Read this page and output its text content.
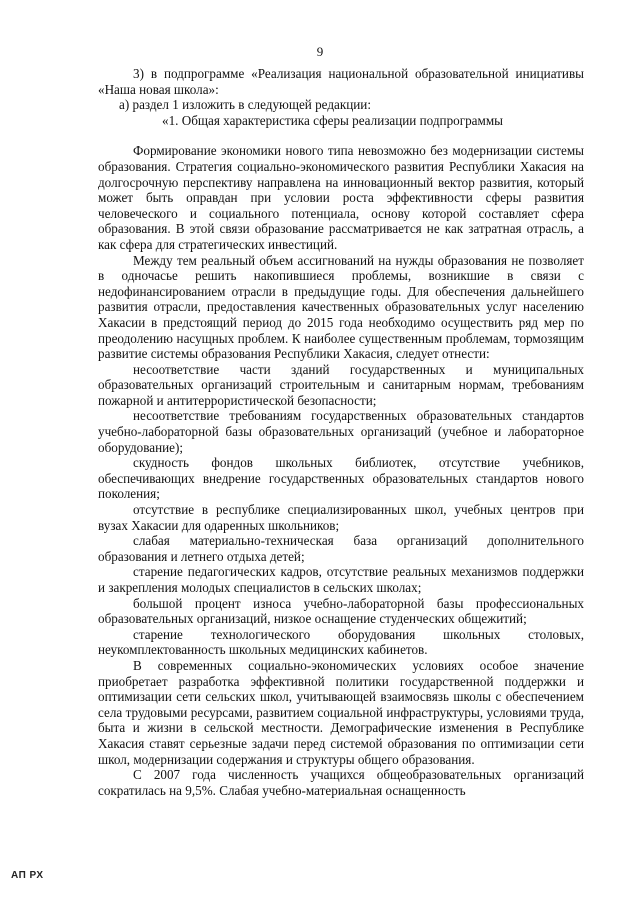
9

3) в подпрограмме «Реализация национальной образовательной инициативы «Наша новая школа»:

а) раздел 1 изложить в следующей редакции:

«1. Общая характеристика сферы реализации подпрограммы

Формирование экономики нового типа невозможно без модернизации системы образования. Стратегия социально-экономического развития Республики Хакасия на долгосрочную перспективу направлена на инновационный вектор развития, который может быть оправдан при условии роста эффективности сферы развития человеческого и социального потенциала, основу которой составляет сфера образования. В этой связи образование рассматривается не как затратная отрасль, а как сфера для стратегических инвестиций.

Между тем реальный объем ассигнований на нужды образования не позволяет в одночасье решить накопившиеся проблемы, возникшие в связи с недофинансированием отрасли в предыдущие годы. Для обеспечения дальнейшего развития отрасли, предоставления качественных образовательных услуг населению Хакасии в предстоящий период до 2015 года необходимо осуществить ряд мер по преодолению насущных проблем. К наиболее существенным проблемам, тормозящим развитие системы образования Республики Хакасия, следует отнести:

несоответствие части зданий государственных и муниципальных образовательных организаций строительным и санитарным нормам, требованиям пожарной и антитеррористической безопасности;

несоответствие требованиям государственных образовательных стандартов учебно-лабораторной базы образовательных организаций (учебное и лабораторное оборудование);

скудность фондов школьных библиотек, отсутствие учебников, обеспечивающих внедрение государственных образовательных стандартов нового поколения;

отсутствие в республике специализированных школ, учебных центров при вузах Хакасии для одаренных школьников;

слабая материально-техническая база организаций дополнительного образования и летнего отдыха детей;

старение педагогических кадров, отсутствие реальных механизмов поддержки и закрепления молодых специалистов в сельских школах;

большой процент износа учебно-лабораторной базы профессиональных образовательных организаций, низкое оснащение студенческих общежитий;

старение технологического оборудования школьных столовых, неукомплектованность школьных медицинских кабинетов.

В современных социально-экономических условиях особое значение приобретает разработка эффективной политики государственной поддержки и оптимизации сети сельских школ, учитывающей взаимосвязь школы с обеспечением села трудовыми ресурсами, развитием социальной инфраструктуры, условиями труда, быта и жизни в сельской местности. Демографические изменения в Республике Хакасия ставят серьезные задачи перед системой образования по оптимизации сети школ, модернизации содержания и структуры общего образования.

С 2007 года численность учащихся общеобразовательных организаций сократилась на 9,5%. Слабая учебно-материальная оснащенность

АП РХ
